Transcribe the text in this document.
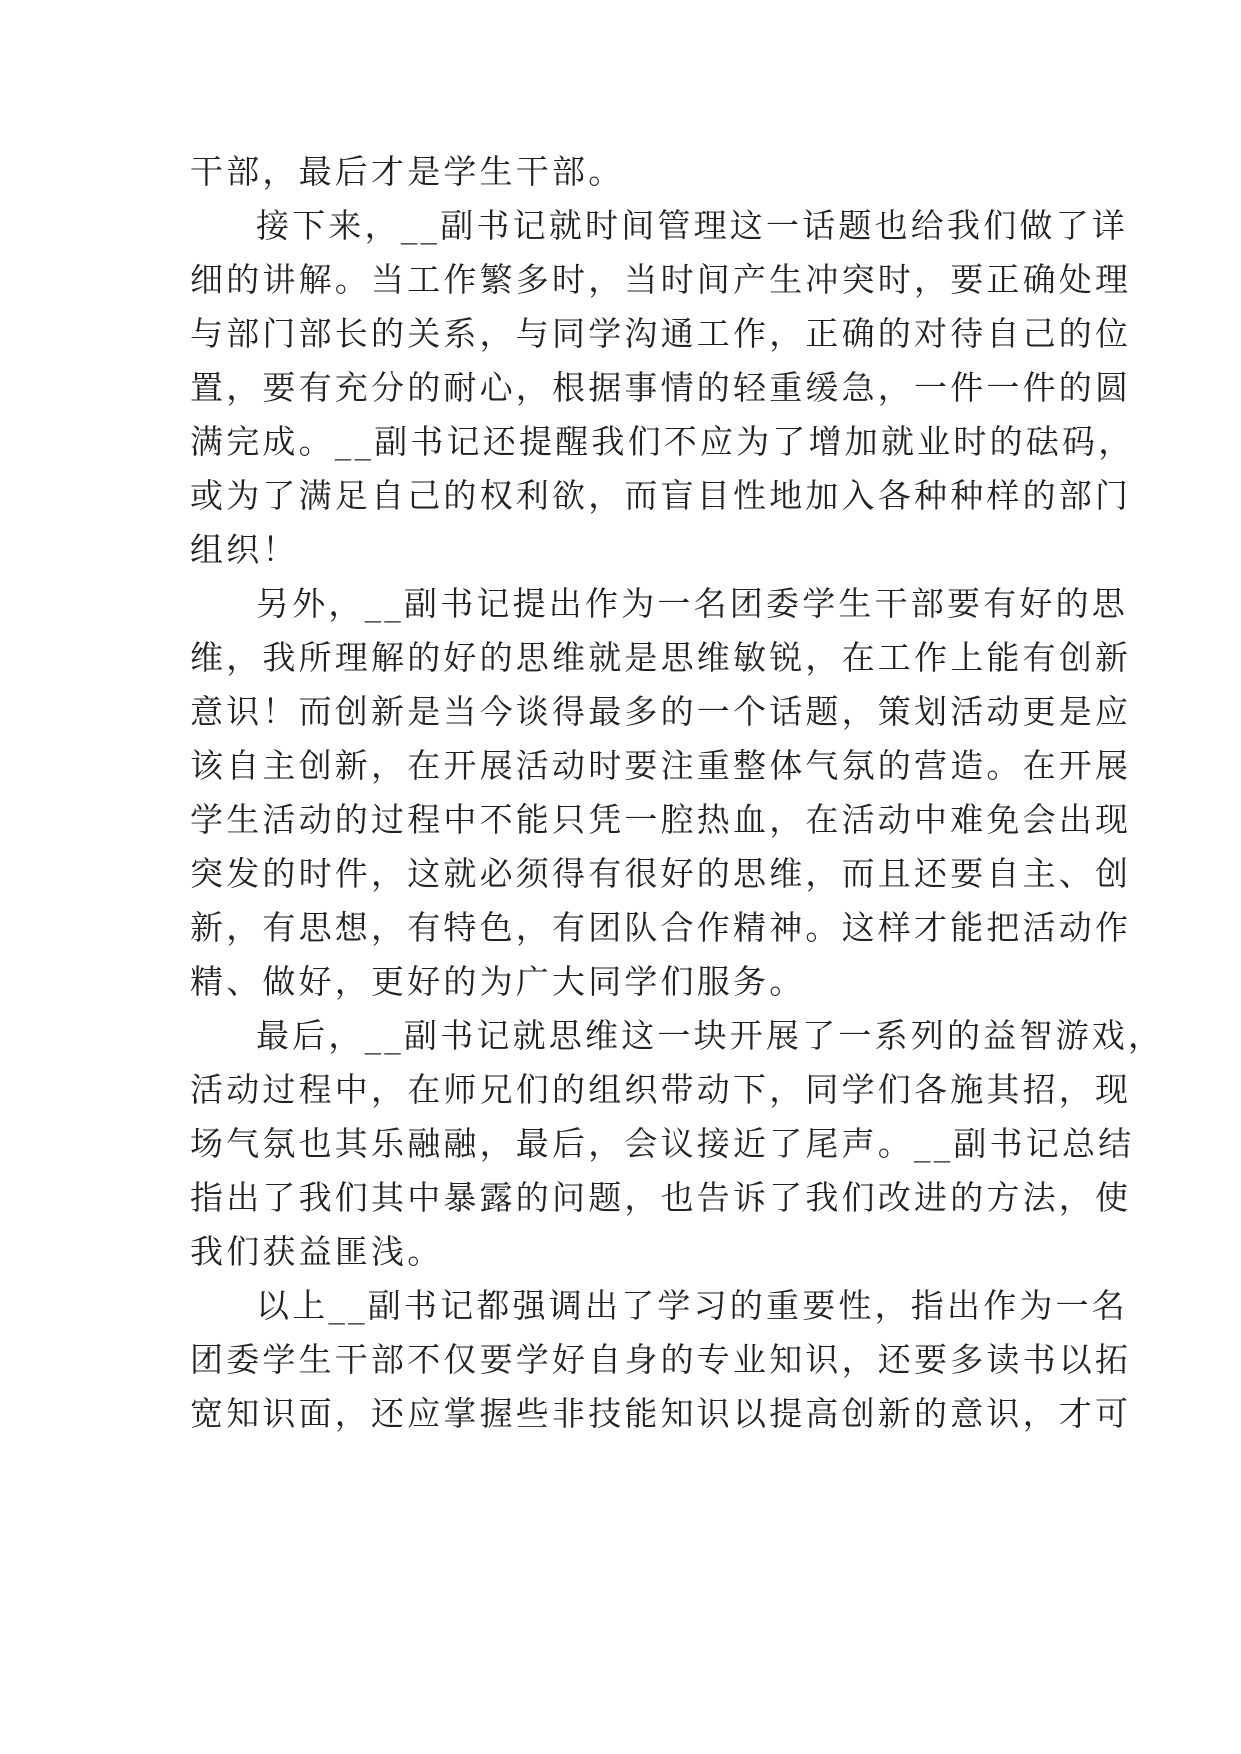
干部，最后才是学生干部。
接下来，__副书记就时间管理这一话题也给我们做了详
细的讲解。当工作繁多时，当时间产生冲突时，要正确处理
与部门部长的关系，与同学沟通工作，正确的对待自己的位
置，要有充分的耐心，根据事情的轻重缓急，一件一件的圆
满完成。__副书记还提醒我们不应为了增加就业时的砝码，
或为了满足自己的权利欲，而盲目性地加入各种种样的部门
组织！
另外，__副书记提出作为一名团委学生干部要有好的思
维，我所理解的好的思维就是思维敏锐，在工作上能有创新
意识！而创新是当今谈得最多的一个话题，策划活动更是应
该自主创新，在开展活动时要注重整体气氛的营造。在开展
学生活动的过程中不能只凭一腔热血，在活动中难免会出现
突发的时件，这就必须得有很好的思维，而且还要自主、创
新，有思想，有特色，有团队合作精神。这样才能把活动作
精、做好，更好的为广大同学们服务。
最后，__副书记就思维这一块开展了一系列的益智游戏，
活动过程中，在师兄们的组织带动下，同学们各施其招，现
场气氛也其乐融融，最后，会议接近了尾声。__副书记总结
指出了我们其中暴露的问题，也告诉了我们改进的方法，使
我们获益匪浅。
以上__副书记都强调出了学习的重要性，指出作为一名
团委学生干部不仅要学好自身的专业知识，还要多读书以拓
宽知识面，还应掌握些非技能知识以提高创新的意识，才可
